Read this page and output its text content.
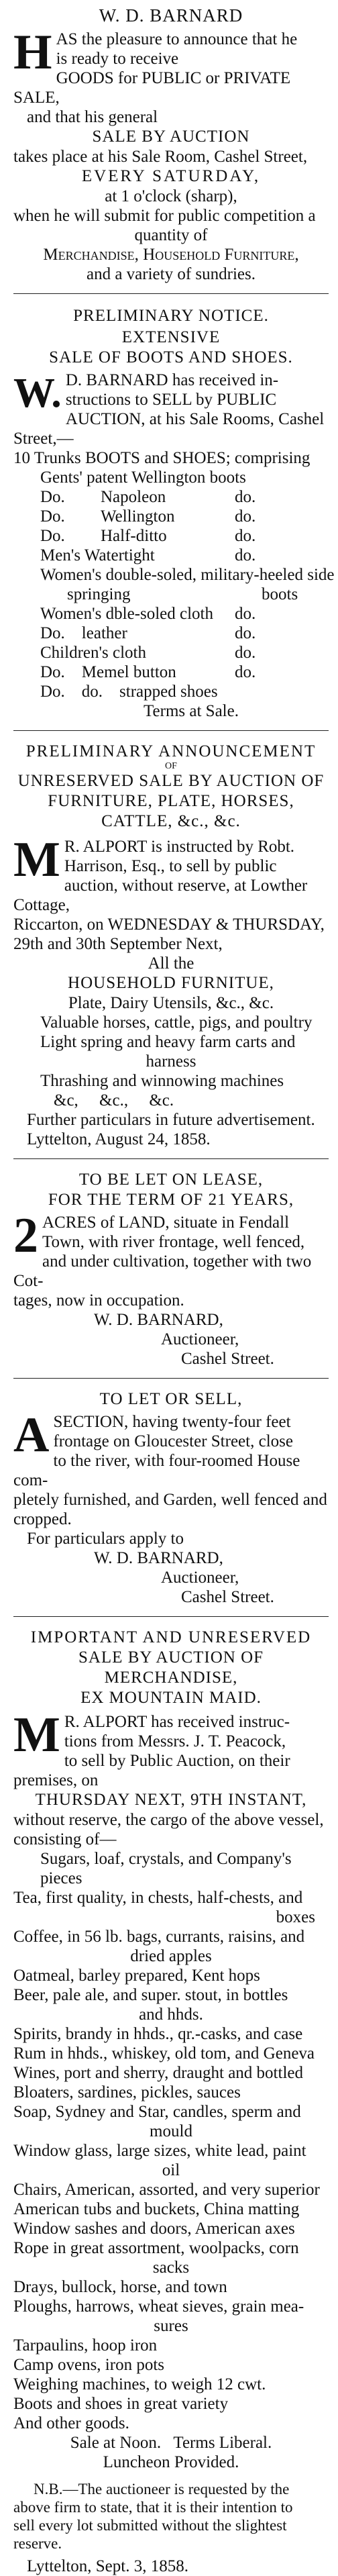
W. D. BARNARD
H AS the pleasure to announce that he
is ready to receive
GOODS for PUBLIC or PRIVATE SALE,
and that his general
SALE BY AUCTION
takes place at his Sale Room, Cashel Street,
EVERY SATURDAY,
at 1 o'clock (sharp),
when he will submit for public competition a
quantity of
Merchandise, Household Furniture,
and a variety of sundries.
PRELIMINARY NOTICE.
EXTENSIVE
SALE OF BOOTS AND SHOES.
W. D. BARNARD has received in-
structions to SELL by PUBLIC
AUCTION, at his Sale Rooms, Cashel Street,—
10 Trunks BOOTS and SHOES; comprising
Gents' patent Wellington boots
Do.	Napoleon	do.
Do.	Wellington	do.
Do.	Half-ditto	do.
Men's Watertight	do.
Women's double-soled, military-heeled side
springing	boots
Women's dble-soled cloth	do.
Do.    leather	do.
Children's cloth	do.
Do.    Memel button	do.
Do.    do.    strapped shoes
Terms at Sale.
PRELIMINARY ANNOUNCEMENT
OF
UNRESERVED SALE BY AUCTION OF
FURNITURE, PLATE, HORSES,
CATTLE, &c., &c.
M R. ALPORT is instructed by Robt.
Harrison, Esq., to sell by public
auction, without reserve, at Lowther Cottage,
Riccarton, on WEDNESDAY & THURSDAY,
29th and 30th September Next,
All the
HOUSEHOLD FURNITUE,
Plate, Dairy Utensils, &c., &c.
Valuable horses, cattle, pigs, and poultry
Light spring and heavy farm carts and
harness
Thrashing and winnowing machines
&c,     &c.,     &c.
Further particulars in future advertisement.
Lyttelton, August 24, 1858.
TO BE LET ON LEASE,
FOR THE TERM OF 21 YEARS,
2 ACRES of LAND, situate in Fendall
Town, with river frontage, well fenced,
and under cultivation, together with two Cot-
tages, now in occupation.
W. D. BARNARD,
Auctioneer,
Cashel Street.
TO LET OR SELL,
A SECTION, having twenty-four feet
frontage on Gloucester Street, close
to the river, with four-roomed House com-
pletely furnished, and Garden, well fenced and
cropped.
For particulars apply to
W. D. BARNARD,
Auctioneer,
Cashel Street.
IMPORTANT AND UNRESERVED
SALE BY AUCTION OF MERCHANDISE,
EX MOUNTAIN MAID.
M R. ALPORT has received instruc-
tions from Messrs. J. T. Peacock,
to sell by Public Auction, on their premises, on
THURSDAY NEXT, 9TH INSTANT,
without reserve, the cargo of the above vessel,
consisting of—
Sugars, loaf, crystals, and Company's pieces
Tea, first quality, in chests, half-chests, and
boxes
Coffee, in 56 lb. bags, currants, raisins, and
dried apples
Oatmeal, barley prepared, Kent hops
Beer, pale ale, and super. stout, in bottles
and hhds.
Spirits, brandy in hhds., qr.-casks, and case
Rum in hhds., whiskey, old tom, and Geneva
Wines, port and sherry, draught and bottled
Bloaters, sardines, pickles, sauces
Soap, Sydney and Star, candles, sperm and
mould
Window glass, large sizes, white lead, paint
oil
Chairs, American, assorted, and very superior
American tubs and buckets, China matting
Window sashes and doors, American axes
Rope in great assortment, woolpacks, corn
sacks
Drays, bullock, horse, and town
Ploughs, harrows, wheat sieves, grain mea-
sures
Tarpaulins, hoop iron
Camp ovens, iron pots
Weighing machines, to weigh 12 cwt.
Boots and shoes in great variety
And other goods.
Sale at Noon.   Terms Liberal.
Luncheon Provided.
N.B.—The auctioneer is requested by the
above firm to state, that it is their intention to
sell every lot submitted without the slightest
reserve.
Lyttelton, Sept. 3, 1858.
